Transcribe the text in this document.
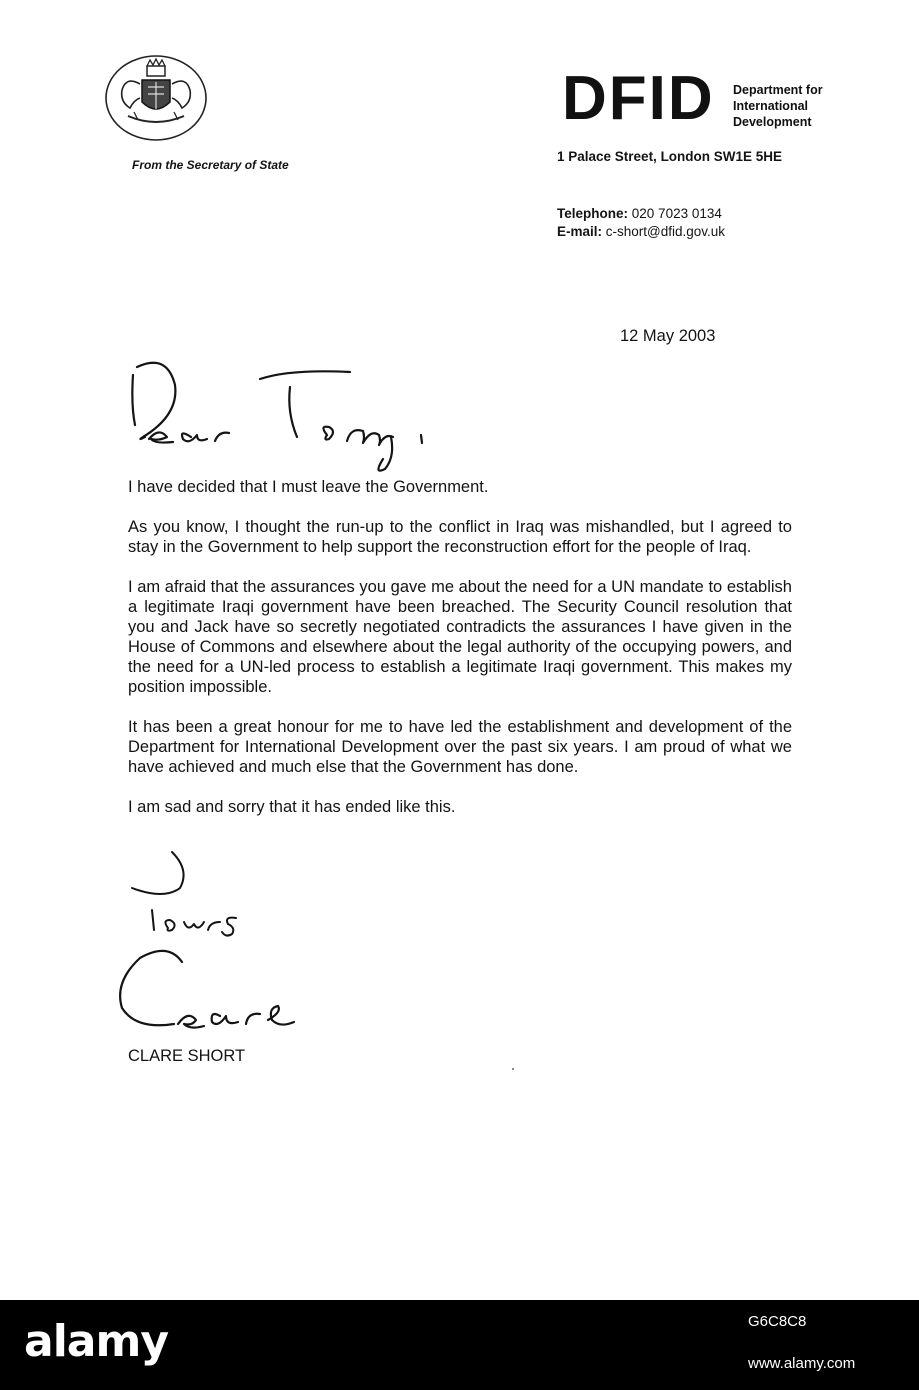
From the Secretary of State
DFID Department for
International
Development
1 Palace Street, London SW1E 5HE
Telephone: 020 7023 0134
E-mail: c-short@dfid.gov.uk
12 May 2003

I have decided that I must leave the Government.

As you know, I thought the run-up to the conflict in Iraq was mishandled, but I agreed to stay in the Government to help support the reconstruction effort for the people of Iraq.

I am afraid that the assurances you gave me about the need for a UN mandate to establish a legitimate Iraqi government have been breached. The Security Council resolution that you and Jack have so secretly negotiated contradicts the assurances I have given in the House of Commons and elsewhere about the legal authority of the occupying powers, and the need for a UN-led process to establish a legitimate Iraqi government. This makes my position impossible.

It has been a great honour for me to have led the establishment and development of the Department for International Development over the past six years. I am proud of what we have achieved and much else that the Government has done.

I am sad and sorry that it has ended like this.

CLARE SHORT
alamy	G6C8C8
www.alamy.com
